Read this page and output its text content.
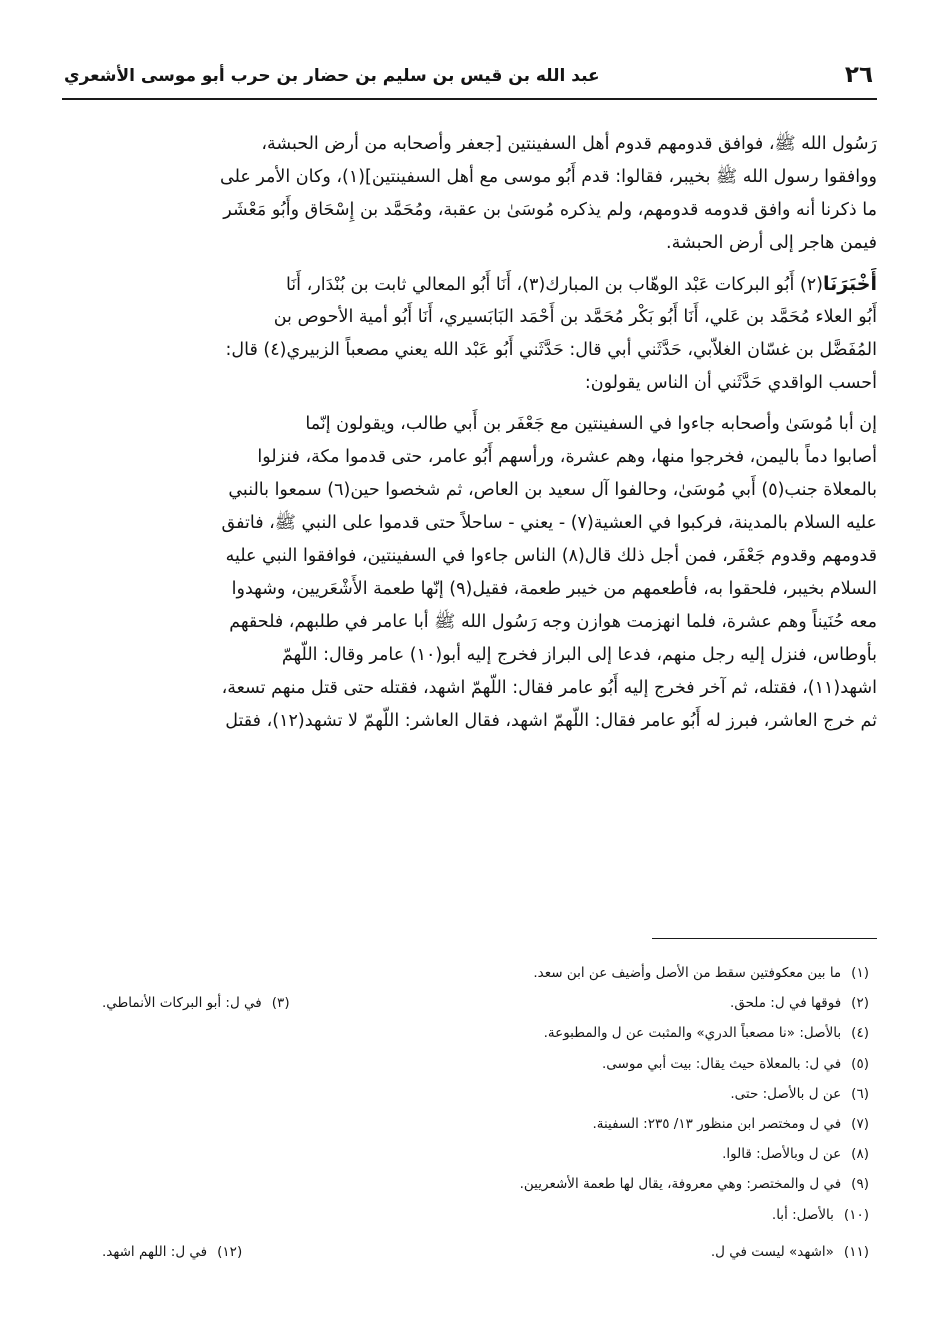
٢٦
عبد الله بن قيس بن سليم بن حضار بن حرب أبو موسى الأشعري
رَسُول الله ﷺ، فوافق قدومهم قدوم أهل السفينتين [جعفر وأصحابه من أرض الحبشة،
ووافقوا رسول الله ﷺ بخيبر، فقالوا: قدم أَبُو موسى مع أهل السفينتين](١)، وكان الأمر على
ما ذكرنا أنه وافق قدومه قدومهم، ولم يذكره مُوسَىٰ بن عقبة، ومُحَمَّد بن إِسْحَاق وأَبُو مَعْشَر
فيمن هاجر إلى أرض الحبشة.
أَخْبَرَنَا(٢) أَبُو البركات عَبْد الوهّاب بن المبارك(٣)، أَنَا أَبُو المعالي ثابت بن بُنْدَار، أَنَا
أَبُو العلاء مُحَمَّد بن عَلي، أَنَا أَبُو بَكْر مُحَمَّد بن أَحْمَد البَابَسيري، أَنَا أَبُو أمية الأحوص بن
المُفَضَّل بن غسّان الغلاّبي، حَدَّثَني أبي قال: حَدَّثَني أَبُو عَبْد الله يعني مصعباً الزبيري(٤) قال:
أحسب الواقدي حَدَّثَني أن الناس يقولون:
إن أبا مُوسَىٰ وأصحابه جاءوا في السفينتين مع جَعْفَر بن أَبي طالب، ويقولون إنّما
أصابوا دماً باليمن، فخرجوا منها، وهم عشرة، ورأسهم أَبُو عامر، حتى قدموا مكة، فنزلوا
بالمعلاة جنب(٥) أَبي مُوسَىٰ، وحالفوا آل سعيد بن العاص، ثم شخصوا حين(٦) سمعوا بالنبي
عليه السلام بالمدينة، فركبوا في العشية(٧) - يعني - ساحلاً حتى قدموا على النبي ﷺ، فاتفق
قدومهم وقدوم جَعْفَر، فمن أجل ذلك قال(٨) الناس جاءوا في السفينتين، فوافقوا النبي عليه
السلام بخيبر، فلحقوا به، فأطعمهم من خيبر طعمة، فقيل(٩) إنّها طعمة الأَشْعَريين، وشهدوا
معه حُنَيناً وهم عشرة، فلما انهزمت هوازن وجه رَسُول الله ﷺ أبا عامر في طلبهم، فلحقهم
بأوطاس، فنزل إليه رجل منهم، فدعا إلى البراز فخرج إليه أبو(١٠) عامر وقال: اللّهمّ
اشهد(١١)، فقتله، ثم آخر فخرج إليه أَبُو عامر فقال: اللّهمّ اشهد، فقتله حتى قتل منهم تسعة،
ثم خرج العاشر، فبرز له أَبُو عامر فقال: اللّهمّ اشهد، فقال العاشر: اللّهمّ لا تشهد(١٢)، فقتل
(١)ما بين معكوفتين سقط من الأصل وأضيف عن ابن سعد.
(٢)فوقها في ل: ملحق.
(٣)في ل: أبو البركات الأنماطي.
(٤)بالأصل: «نا مصعباً الدري» والمثبت عن ل والمطبوعة.
(٥)في ل: بالمعلاة حيث يقال: بيت أبي موسى.
(٦)عن ل بالأصل: حتى.
(٧)في ل ومختصر ابن منظور ١٣/ ٢٣٥: السفينة.
(٨)عن ل وبالأصل: قالوا.
(٩)في ل والمختصر: وهي معروفة، يقال لها طعمة الأشعريين.
(١٠)بالأصل: أبا.
(١١)«اشهد» ليست في ل.
(١٢)في ل: اللهم اشهد.
